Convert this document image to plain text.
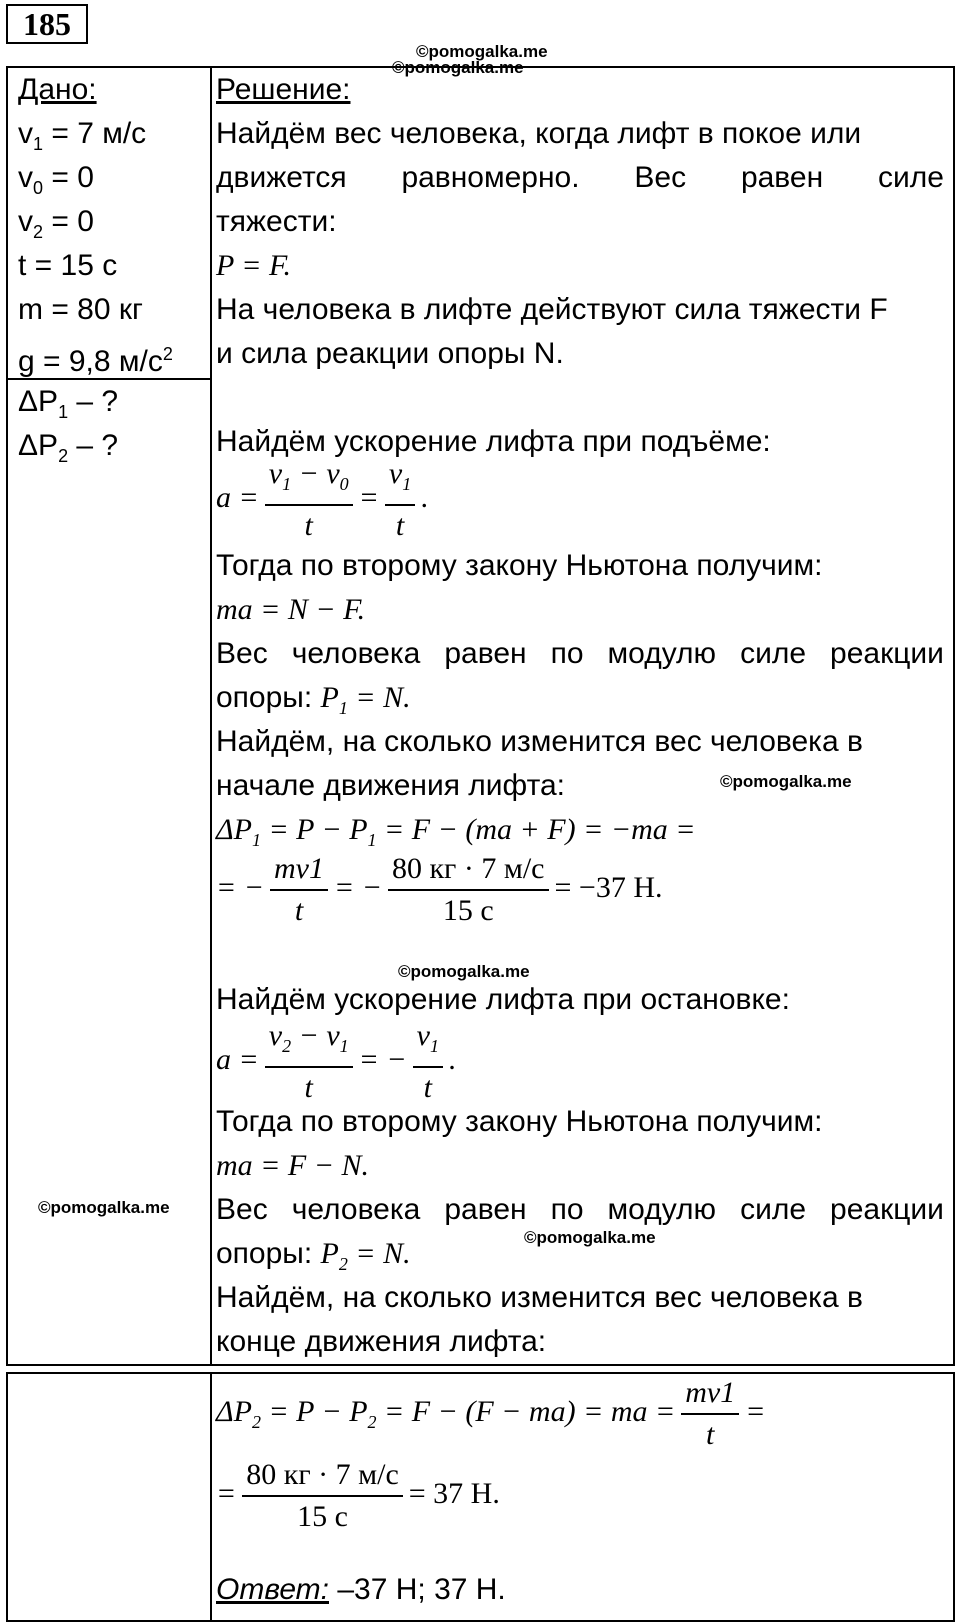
185
©pomogalka.me
©pomogalka.me
Дано:
$v_1 = 7$ м/с
$v_0 = 0$
$v_2 = 0$
t = 15 с
m = 80 кг
g = 9,8 $м/с^2$
$\Delta P_1$ – ?
$\Delta P_2$ – ?
©pomogalka.me
Решение:
Найдём вес человека, когда лифт в покое или
движется равномерно. Вес равен силе
тяжести:
P = F.
На человека в лифте действуют сила тяжести F
и сила реакции опоры N.
Найдём ускорение лифта при подъёме:
$a = \frac{v_1 - v_0}{t} = \frac{v_1}{t}$ .
Тогда по второму закону Ньютона получим:
ma = N − F.
Вес человека равен по модулю силе реакции
опоры: $P_1 = N$.
Найдём, на сколько изменится вес человека в
начале движения лифта:	©pomogalka.me
$\Delta P_1 = P - P_1 = F - (ma + F) = -ma$ =
= − $\frac{mv1}{t}$ = − $\frac{80 кг \cdot 7 м/с}{15 с} = -37$ Н.
©pomogalka.me
Найдём ускорение лифта при остановке:
$a = \frac{v_2 - v_1}{t}$ = − $\frac{v_1}{t}$ .
Тогда по второму закону Ньютона получим:
ma = F − N.
Вес человека равен по модулю силе реакции
опоры: $P_2 = N$.	©pomogalka.me
Найдём, на сколько изменится вес человека в
конце движения лифта:
$\Delta P_2 = P - P_2 = F - (F - ma)$ = ma = $\frac{mv1}{t}$ =
= $\frac{80 кг \cdot 7 м/с}{15 с} = 37$ Н.
Ответ: –37 Н; 37 Н.
